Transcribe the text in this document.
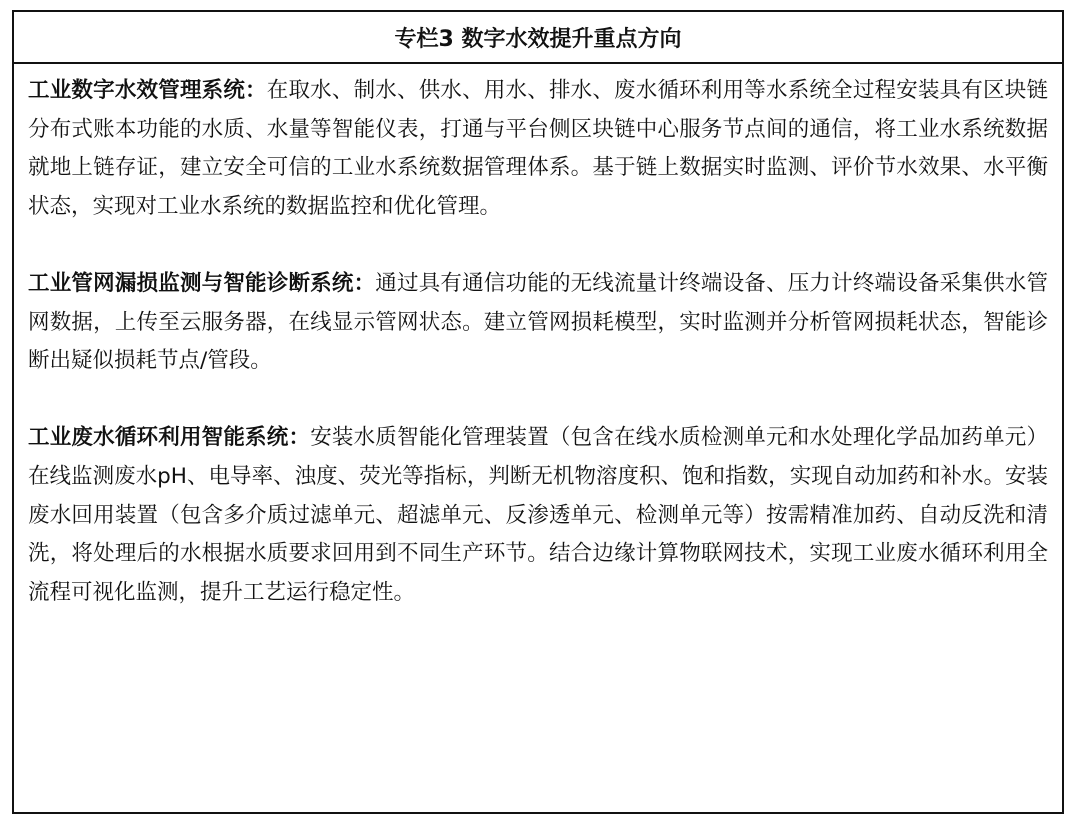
专栏3 数字水效提升重点方向

工业数字水效管理系统：在取水、制水、供水、用水、排水、废水循环利用等水系统全过程安装具有区块链分布式账本功能的水质、水量等智能仪表，打通与平台侧区块链中心服务节点间的通信，将工业水系统数据就地上链存证，建立安全可信的工业水系统数据管理体系。基于链上数据实时监测、评价节水效果、水平衡状态，实现对工业水系统的数据监控和优化管理。

工业管网漏损监测与智能诊断系统：通过具有通信功能的无线流量计终端设备、压力计终端设备采集供水管网数据，上传至云服务器，在线显示管网状态。建立管网损耗模型，实时监测并分析管网损耗状态，智能诊断出疑似损耗节点/管段。

工业废水循环利用智能系统：安装水质智能化管理装置（包含在线水质检测单元和水处理化学品加药单元）在线监测废水pH、电导率、浊度、荧光等指标，判断无机物溶度积、饱和指数，实现自动加药和补水。安装废水回用装置（包含多介质过滤单元、超滤单元、反渗透单元、检测单元等）按需精准加药、自动反洗和清洗，将处理后的水根据水质要求回用到不同生产环节。结合边缘计算物联网技术，实现工业废水循环利用全流程可视化监测，提升工艺运行稳定性。
